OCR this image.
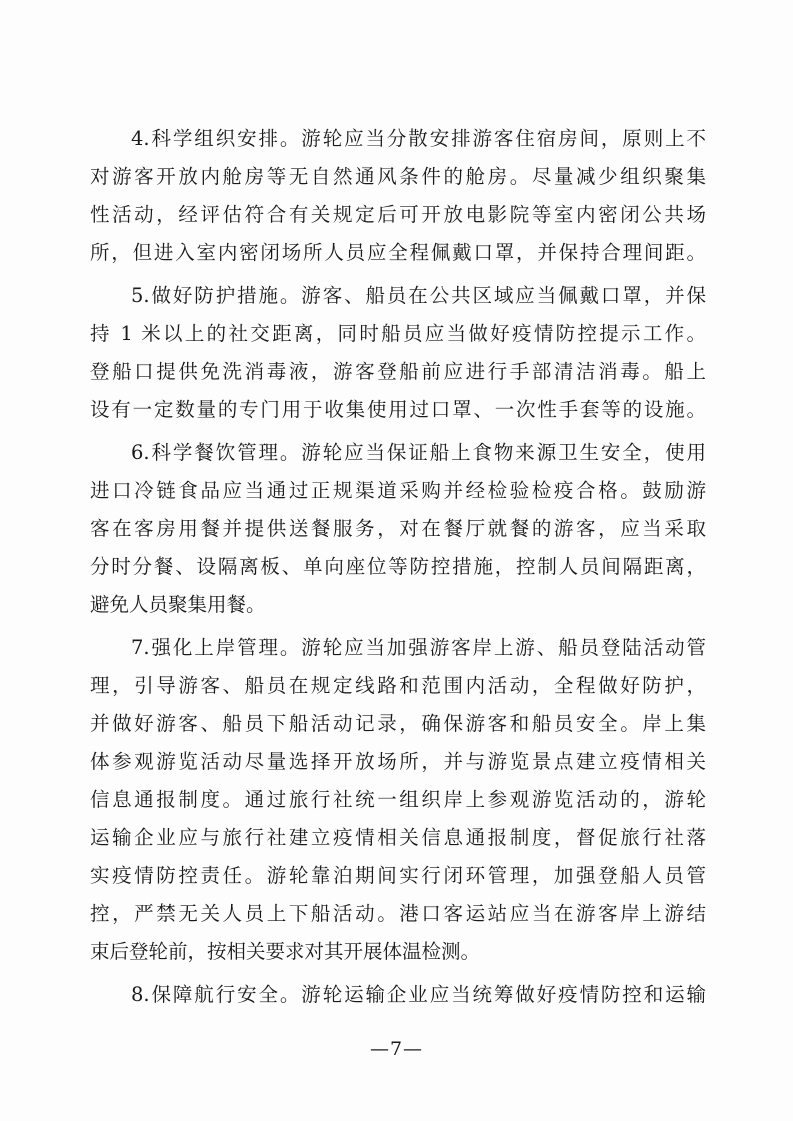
4.科学组织安排。游轮应当分散安排游客住宿房间，原则上不
对游客开放内舱房等无自然通风条件的舱房。尽量减少组织聚集
性活动，经评估符合有关规定后可开放电影院等室内密闭公共场
所，但进入室内密闭场所人员应全程佩戴口罩，并保持合理间距。
5.做好防护措施。游客、船员在公共区域应当佩戴口罩，并保
持 1 米以上的社交距离，同时船员应当做好疫情防控提示工作。
登船口提供免洗消毒液，游客登船前应进行手部清洁消毒。船上
设有一定数量的专门用于收集使用过口罩、一次性手套等的设施。
6.科学餐饮管理。游轮应当保证船上食物来源卫生安全，使用
进口冷链食品应当通过正规渠道采购并经检验检疫合格。鼓励游
客在客房用餐并提供送餐服务，对在餐厅就餐的游客，应当采取
分时分餐、设隔离板、单向座位等防控措施，控制人员间隔距离，
避免人员聚集用餐。
7.强化上岸管理。游轮应当加强游客岸上游、船员登陆活动管
理，引导游客、船员在规定线路和范围内活动，全程做好防护，
并做好游客、船员下船活动记录，确保游客和船员安全。岸上集
体参观游览活动尽量选择开放场所，并与游览景点建立疫情相关
信息通报制度。通过旅行社统一组织岸上参观游览活动的，游轮
运输企业应与旅行社建立疫情相关信息通报制度，督促旅行社落
实疫情防控责任。游轮靠泊期间实行闭环管理，加强登船人员管
控，严禁无关人员上下船活动。港口客运站应当在游客岸上游结
束后登轮前，按相关要求对其开展体温检测。
8.保障航行安全。游轮运输企业应当统筹做好疫情防控和运输
—7—
